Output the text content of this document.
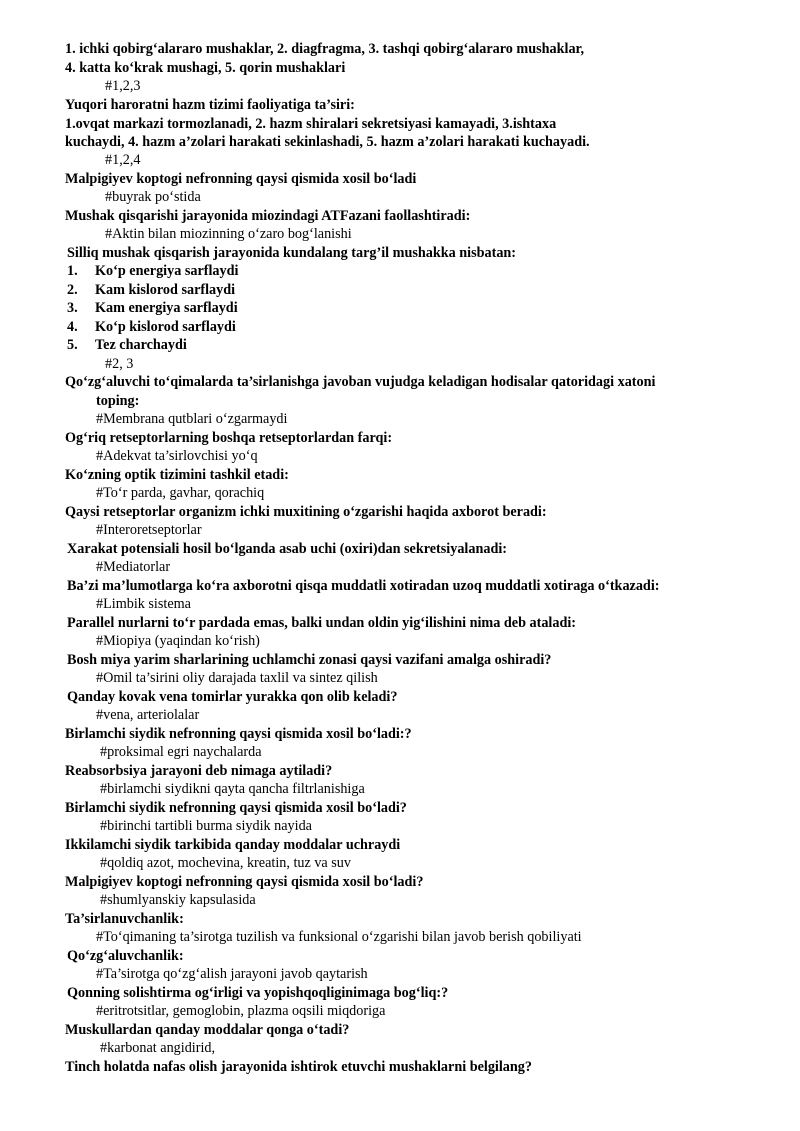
1. ichki qobirg‘alararo mushaklar, 2. diagfragma, 3. tashqi qobirg‘alararo mushaklar,
4. katta ko‘krak mushagi, 5. qorin mushaklari
#1,2,3
Yuqori haroratni hazm tizimi faoliyatiga ta’siri:
1.ovqat markazi tormozlanadi, 2. hazm shiralari sekretsiyasi kamayadi, 3.ishtaxa
kuchaydi, 4. hazm a’zolari harakati sekinlashadi, 5. hazm a’zolari harakati kuchayadi.
#1,2,4
Malpigiyev koptogi nefronning qaysi qismida xosil bo‘ladi
#buyrak po‘stida
Mushak qisqarishi jarayonida miozindagi ATFazani faollashtiradi:
#Aktin bilan miozinning o‘zaro bog‘lanishi
Silliq mushak qisqarish jarayonida kundalang targ’il mushakka nisbatan:
1. Ko‘p energiya sarflaydi
2. Kam kislorod sarflaydi
3. Kam energiya sarflaydi
4. Ko‘p kislorod sarflaydi
5. Tez charchaydi
#2, 3
Qo‘zg‘aluvchi to‘qimalarda ta’sirlanishga javoban vujudga keladigan hodisalar qatoridagi xatoni
toping:
#Membrana qutblari o‘zgarmaydi
Og‘riq retseptorlarning boshqa retseptorlardan farqi:
#Adekvat ta’sirlovchisi yo‘q
Ko‘zning optik tizimini tashkil etadi:
#To‘r parda, gavhar, qorachiq
Qaysi retseptorlar organizm ichki muxitining o‘zgarishi haqida axborot beradi:
#Interoretseptorlar
Xarakat potensiali hosil bo‘lganda asab uchi (oxiri)dan sekretsiyalanadi:
#Mediatorlar
Ba’zi ma’lumotlarga ko‘ra axborotni qisqa muddatli xotiradan uzoq muddatli xotiraga o‘tkazadi:
#Limbik sistema
Parallel nurlarni to‘r pardada emas, balki undan oldin yig‘ilishini nima deb ataladi:
#Miopiya (yaqindan ko‘rish)
Bosh miya yarim sharlarining uchlamchi zonasi qaysi vazifani amalga oshiradi?
#Omil ta’sirini oliy darajada taxlil va sintez qilish
Qanday kovak vena tomirlar yurakka qon olib keladi?
#vena, arteriolalar
Birlamchi siydik nefronning qaysi qismida xosil bo‘ladi:?
#proksimal egri naychalarda
Reabsorbsiya jarayoni deb nimaga aytiladi?
#birlamchi siydikni qayta qancha filtrlanishiga
Birlamchi siydik nefronning qaysi qismida xosil bo‘ladi?
#birinchi tartibli burma siydik nayida
Ikkilamchi siydik tarkibida qanday moddalar uchraydi
#qoldiq azot, mochevina, kreatin, tuz va suv
Malpigiyev koptogi nefronning qaysi qismida xosil bo‘ladi?
#shumlyanskiy kapsulasida
Ta’sirlanuvchanlik:
#To‘qimaning ta’sirotga tuzilish va funksional o‘zgarishi bilan javob berish qobiliyati
Qo‘zg‘aluvchanlik:
#Ta’sirotga qo‘zg‘alish jarayoni javob qaytarish
Qonning solishtirma og‘irligi va yopishqoqliginimaga bog‘liq:?
#eritrotsitlar, gemoglobin, plazma oqsili miqdoriga
Muskullardan qanday moddalar qonga o‘tadi?
#karbonat angidirid,
Tinch holatda nafas olish jarayonida ishtirok etuvchi mushaklarni belgilang?
